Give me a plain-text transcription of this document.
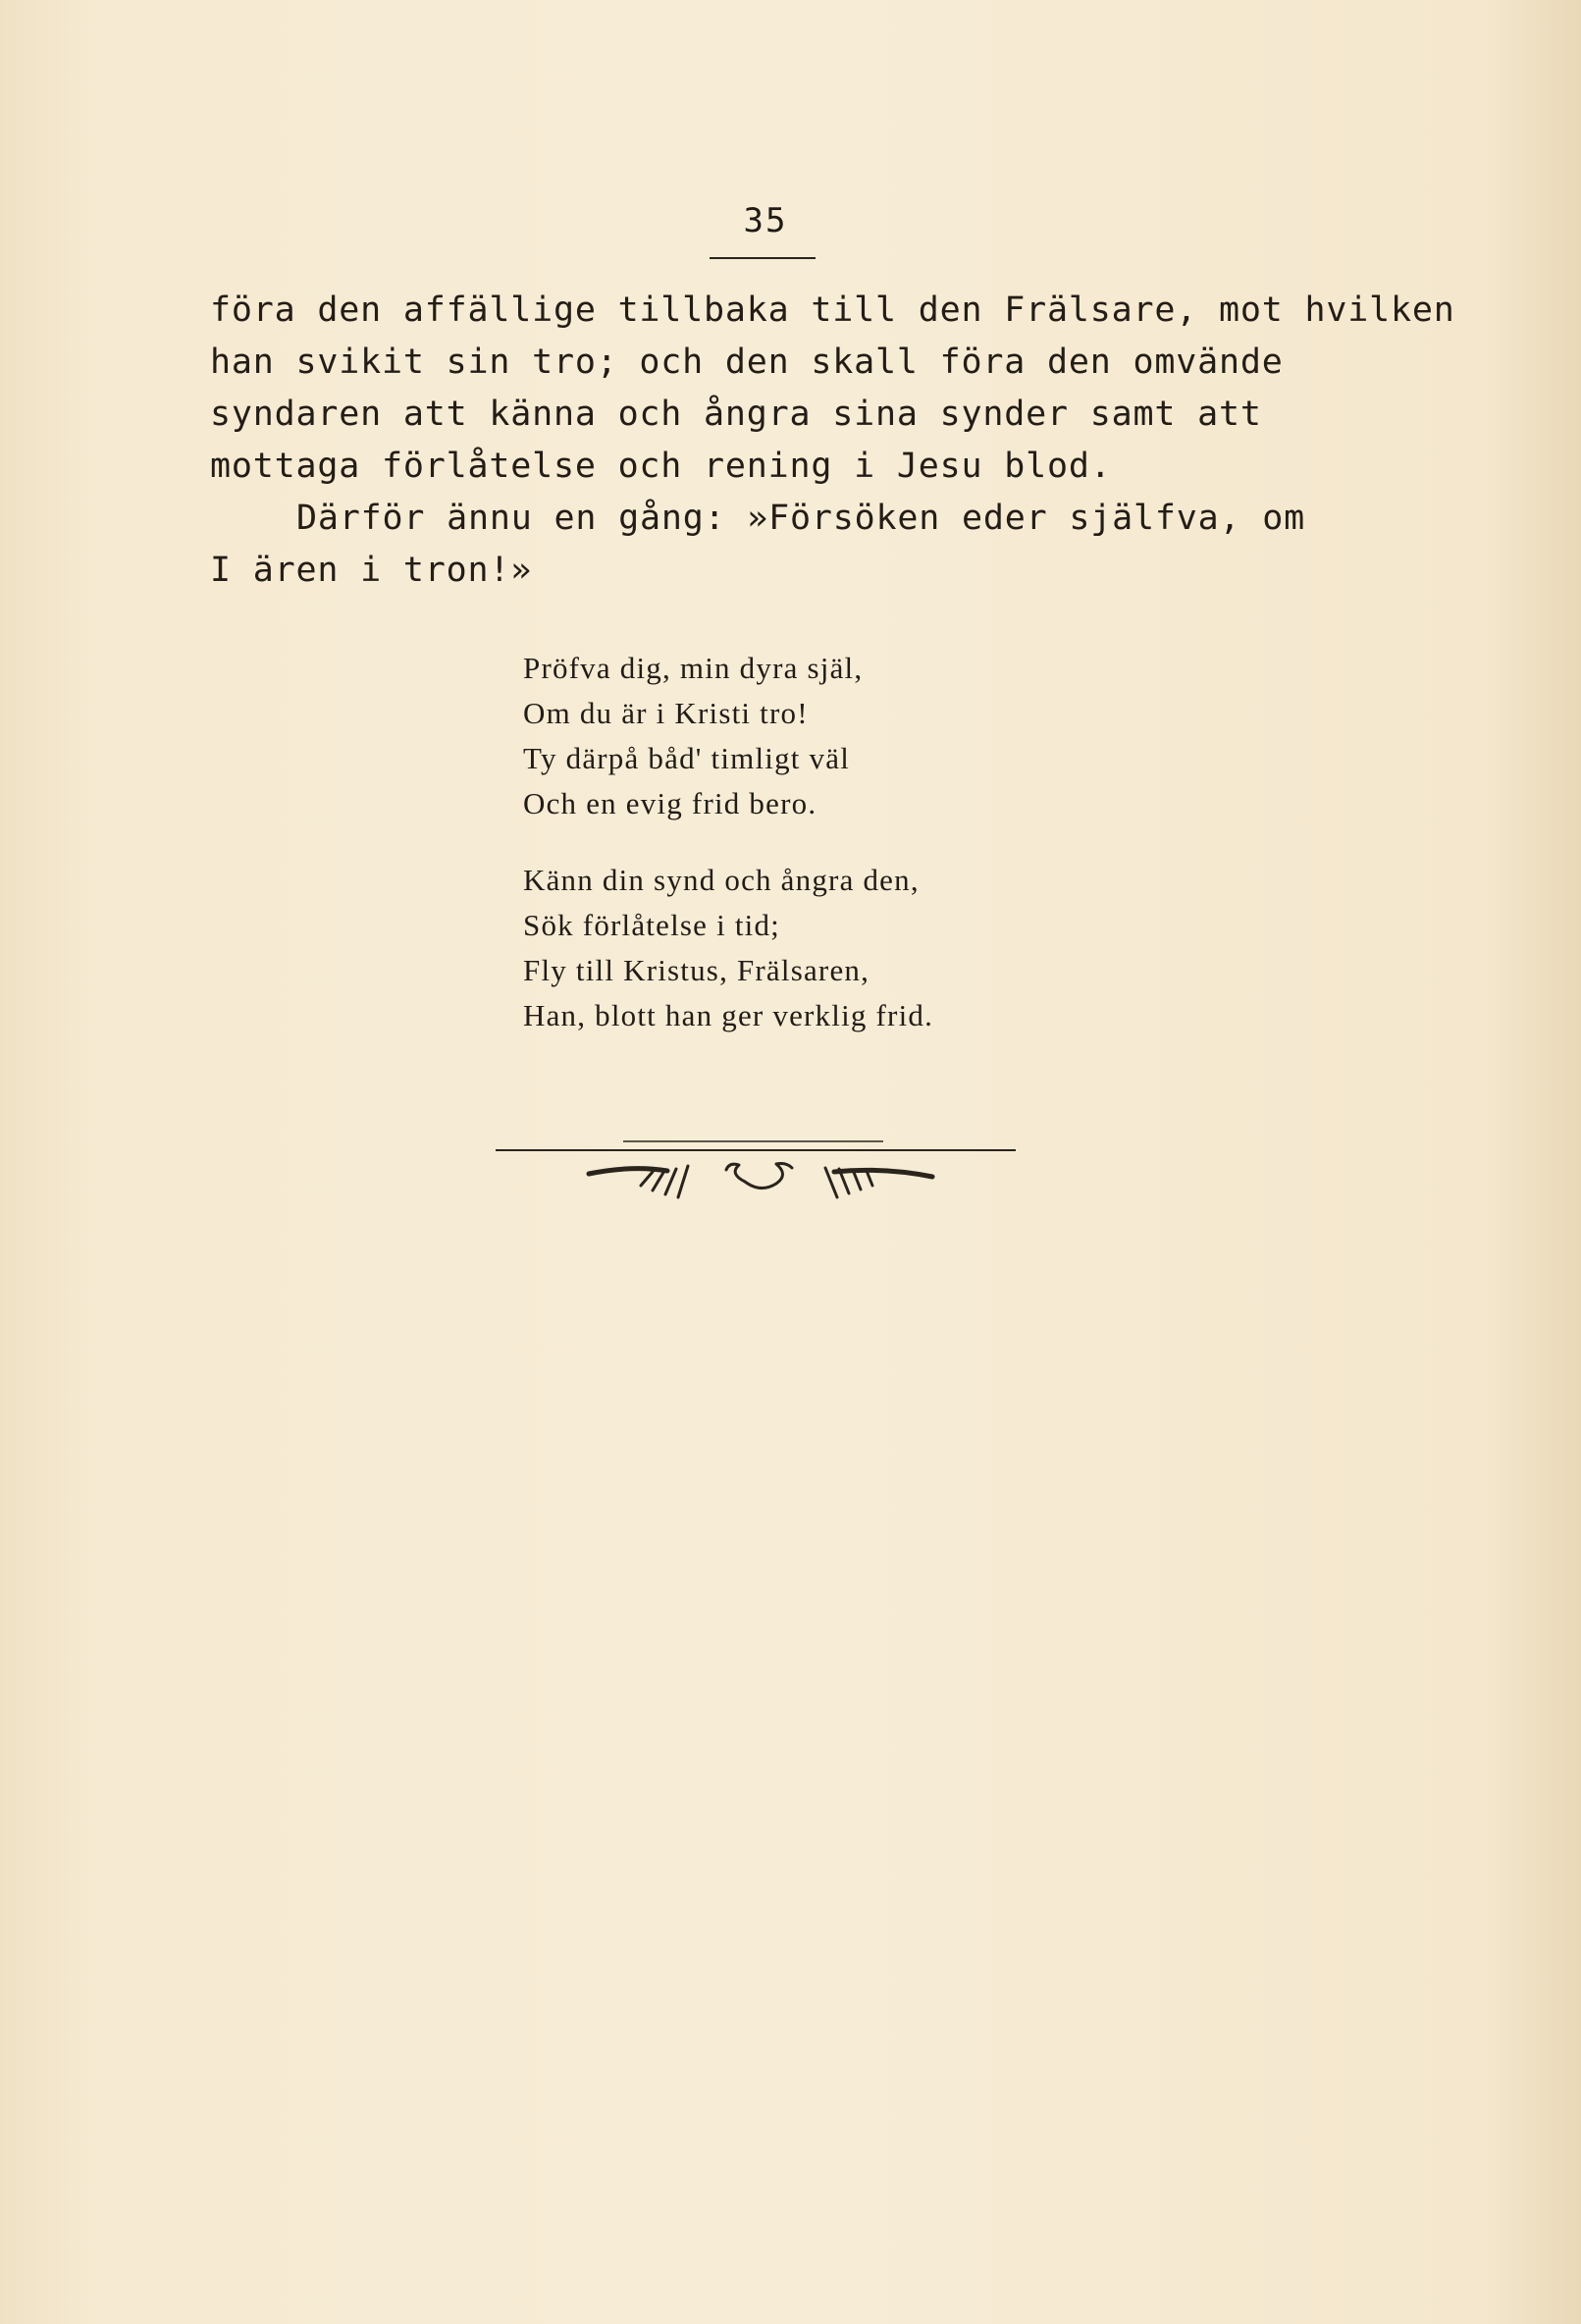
35
föra den affällige tillbaka till den Frälsare, mot hvilken
han svikit sin tro; och den skall föra den omvände
syndaren att känna och ångra sina synder samt att
mottaga förlåtelse och rening i Jesu blod.
Därför ännu en gång: »Försöken eder själfva, om
I ären i tron!»
Pröfva dig, min dyra själ,
Om du är i Kristi tro!
Ty därpå båd' timligt väl
Och en evig frid bero.
Känn din synd och ångra den,
Sök förlåtelse i tid;
Fly till Kristus, Frälsaren,
Han, blott han ger verklig frid.
